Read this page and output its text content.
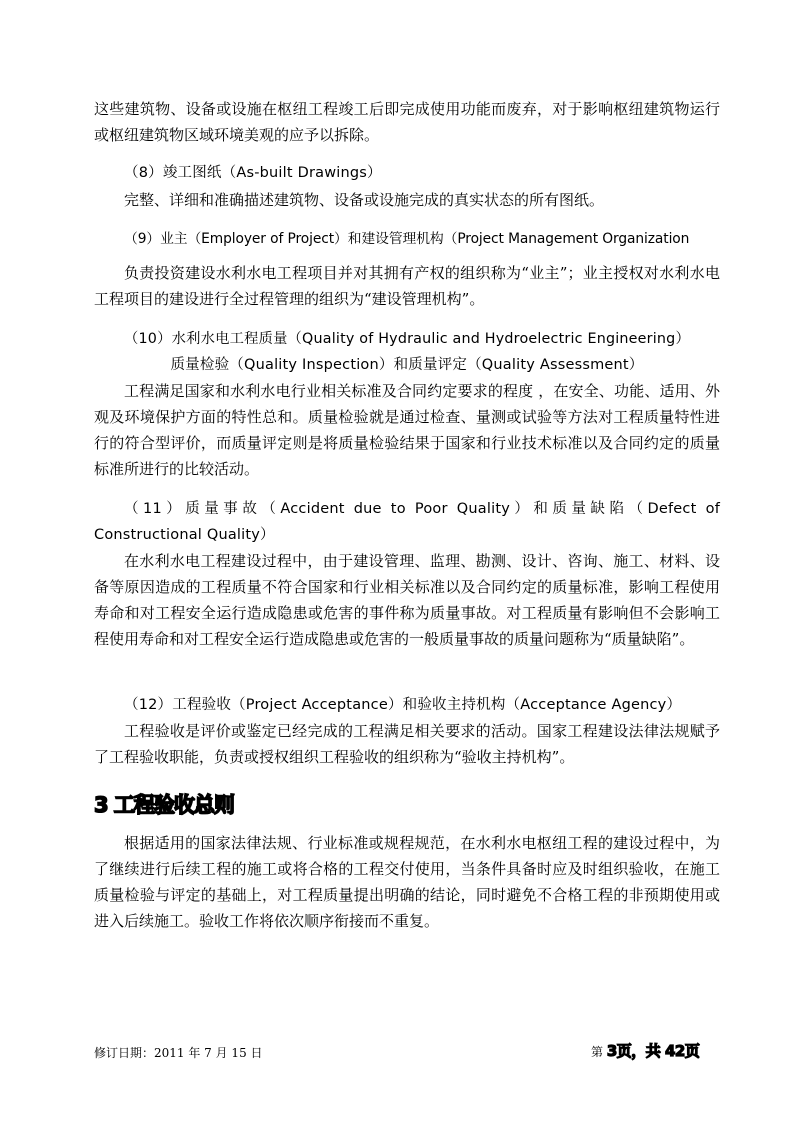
这些建筑物、设备或设施在枢纽工程竣工后即完成使用功能而废弃，对于影响枢纽建筑物运行或枢纽建筑物区域环境美观的应予以拆除。

（8）竣工图纸（As-built Drawings）

完整、详细和准确描述建筑物、设备或设施完成的真实状态的所有图纸。

（9）业主（Employer of Project）和建设管理机构（Project Management Organization

负责投资建设水利水电工程项目并对其拥有产权的组织称为“业主”；业主授权对水利水电工程项目的建设进行全过程管理的组织为“建设管理机构”。

（10）水利水电工程质量（Quality of Hydraulic and Hydroelectric Engineering）
质量检验（Quality Inspection）和质量评定（Quality Assessment）

工程满足国家和水利水电行业相关标准及合同约定要求的程度 ，在安全、功能、适用、外观及环境保护方面的特性总和。质量检验就是通过检查、量测或试验等方法对工程质量特性进行的符合型评价，而质量评定则是将质量检验结果于国家和行业技术标准以及合同约定的质量标准所进行的比较活动。

（11）质量事故（Accident due to Poor Quality）和质量缺陷（Defect of Constructional Quality）

在水利水电工程建设过程中，由于建设管理、监理、勘测、设计、咨询、施工、材料、设备等原因造成的工程质量不符合国家和行业相关标准以及合同约定的质量标准，影响工程使用寿命和对工程安全运行造成隐患或危害的事件称为质量事故。对工程质量有影响但不会影响工程使用寿命和对工程安全运行造成隐患或危害的一般质量事故的质量问题称为“质量缺陷”。

（12）工程验收（Project Acceptance）和验收主持机构（Acceptance Agency）

工程验收是评价或鉴定已经完成的工程满足相关要求的活动。国家工程建设法律法规赋予了工程验收职能，负责或授权组织工程验收的组织称为“验收主持机构”。

3 工程验收总则

根据适用的国家法律法规、行业标准或规程规范，在水利水电枢纽工程的建设过程中，为了继续进行后续工程的施工或将合格的工程交付使用，当条件具备时应及时组织验收，在施工质量检验与评定的基础上，对工程质量提出明确的结论，同时避免不合格工程的非预期使用或进入后续施工。验收工作将依次顺序衔接而不重复。

修订日期：2011 年 7 月 15 日	第 3页，共 42页
